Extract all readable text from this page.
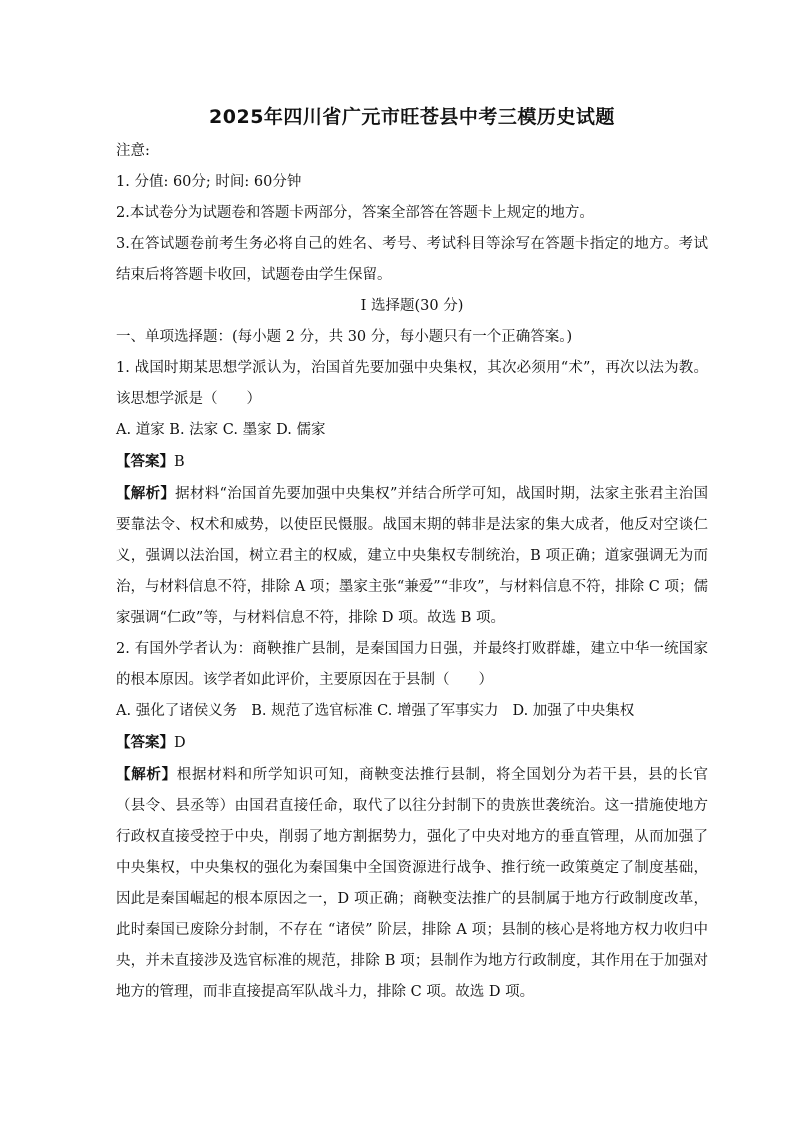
2025年四川省广元市旺苍县中考三模历史试题
注意:
1. 分值: 60分; 时间: 60分钟
2.本试卷分为试题卷和答题卡两部分，答案全部答在答题卡上规定的地方。
3.在答试题卷前考生务必将自己的姓名、考号、考试科目等涂写在答题卡指定的地方。考试结束后将答题卡收回，试题卷由学生保留。
I 选择题(30 分)
一、单项选择题：(每小题 2 分，共 30 分，每小题只有一个正确答案。)
1. 战国时期某思想学派认为，治国首先要加强中央集权，其次必须用“术”，再次以法为教。该思想学派是（　　）
A. 道家 B. 法家 C. 墨家 D. 儒家
【答案】B
【解析】据材料“治国首先要加强中央集权”并结合所学可知，战国时期，法家主张君主治国要靠法令、权术和威势，以使臣民慑服。战国末期的韩非是法家的集大成者，他反对空谈仁义，强调以法治国，树立君主的权威，建立中央集权专制统治，B 项正确；道家强调无为而治，与材料信息不符，排除 A 项；墨家主张“兼爱”“非攻”，与材料信息不符，排除 C 项；儒家强调“仁政”等，与材料信息不符，排除 D 项。故选 B 项。
2. 有国外学者认为：商鞅推广县制，是秦国国力日强，并最终打败群雄，建立中华一统国家的根本原因。该学者如此评价，主要原因在于县制（　　）
A. 强化了诸侯义务 B. 规范了选官标准 C. 增强了军事实力 D. 加强了中央集权
【答案】D
【解析】根据材料和所学知识可知，商鞅变法推行县制，将全国划分为若干县，县的长官（县令、县丞等）由国君直接任命，取代了以往分封制下的贵族世袭统治。这一措施使地方行政权直接受控于中央，削弱了地方割据势力，强化了中央对地方的垂直管理，从而加强了中央集权，中央集权的强化为秦国集中全国资源进行战争、推行统一政策奠定了制度基础，因此是秦国崛起的根本原因之一，D 项正确；商鞅变法推广的县制属于地方行政制度改革，此时秦国已废除分封制，不存在 “诸侯” 阶层，排除 A 项；县制的核心是将地方权力收归中央，并未直接涉及选官标准的规范，排除 B 项；县制作为地方行政制度，其作用在于加强对地方的管理，而非直接提高军队战斗力，排除 C 项。故选 D 项。
